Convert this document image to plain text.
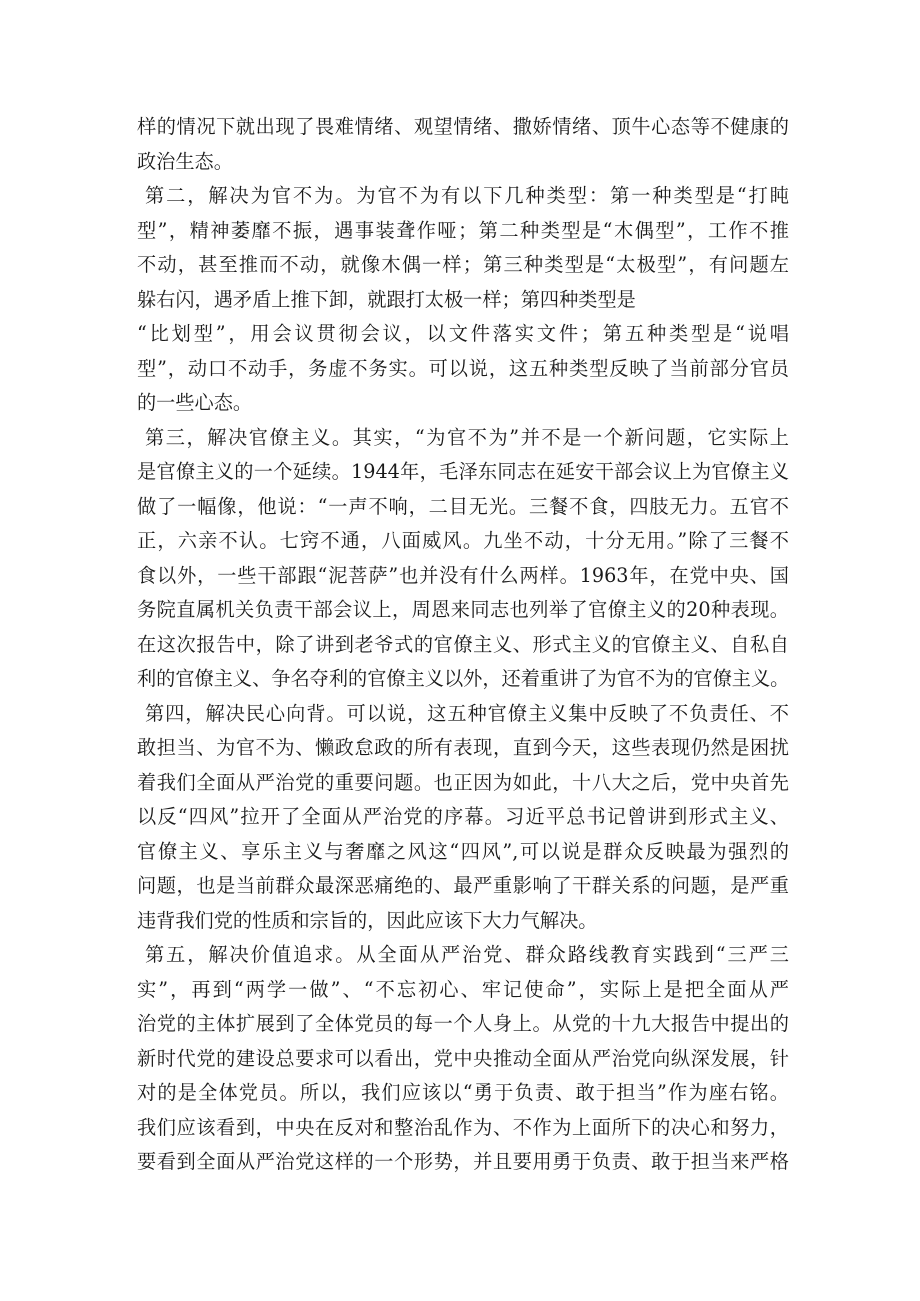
样的情况下就出现了畏难情绪、观望情绪、撒娇情绪、顶牛心态等不健康的
政治生态。
第二，解决为官不为。为官不为有以下几种类型：第一种类型是“打盹
型”，精神萎靡不振，遇事装聋作哑；第二种类型是“木偶型”，工作不推
不动，甚至推而不动，就像木偶一样；第三种类型是“太极型”，有问题左
躲右闪，遇矛盾上推下卸，就跟打太极一样；第四种类型是
“比划型”，用会议贯彻会议，以文件落实文件；第五种类型是“说唱
型”，动口不动手，务虚不务实。可以说，这五种类型反映了当前部分官员
的一些心态。
第三，解决官僚主义。其实，“为官不为”并不是一个新问题，它实际上
是官僚主义的一个延续。1944年，毛泽东同志在延安干部会议上为官僚主义
做了一幅像，他说：“一声不响，二目无光。三餐不食，四肢无力。五官不
正，六亲不认。七窍不通，八面威风。九坐不动，十分无用。”除了三餐不
食以外，一些干部跟“泥菩萨”也并没有什么两样。1963年，在党中央、国
务院直属机关负责干部会议上，周恩来同志也列举了官僚主义的20种表现。
在这次报告中，除了讲到老爷式的官僚主义、形式主义的官僚主义、自私自
利的官僚主义、争名夺利的官僚主义以外，还着重讲了为官不为的官僚主义。
第四，解决民心向背。可以说，这五种官僚主义集中反映了不负责任、不
敢担当、为官不为、懒政怠政的所有表现，直到今天，这些表现仍然是困扰
着我们全面从严治党的重要问题。也正因为如此，十八大之后，党中央首先
以反“四风”拉开了全面从严治党的序幕。习近平总书记曾讲到形式主义、
官僚主义、享乐主义与奢靡之风这“四风”,可以说是群众反映最为强烈的
问题，也是当前群众最深恶痛绝的、最严重影响了干群关系的问题，是严重
违背我们党的性质和宗旨的，因此应该下大力气解决。
第五，解决价值追求。从全面从严治党、群众路线教育实践到“三严三
实”，再到“两学一做”、“不忘初心、牢记使命”，实际上是把全面从严
治党的主体扩展到了全体党员的每一个人身上。从党的十九大报告中提出的
新时代党的建设总要求可以看出，党中央推动全面从严治党向纵深发展，针
对的是全体党员。所以，我们应该以“勇于负责、敢于担当”作为座右铭。
我们应该看到，中央在反对和整治乱作为、不作为上面所下的决心和努力，
要看到全面从严治党这样的一个形势，并且要用勇于负责、敢于担当来严格
